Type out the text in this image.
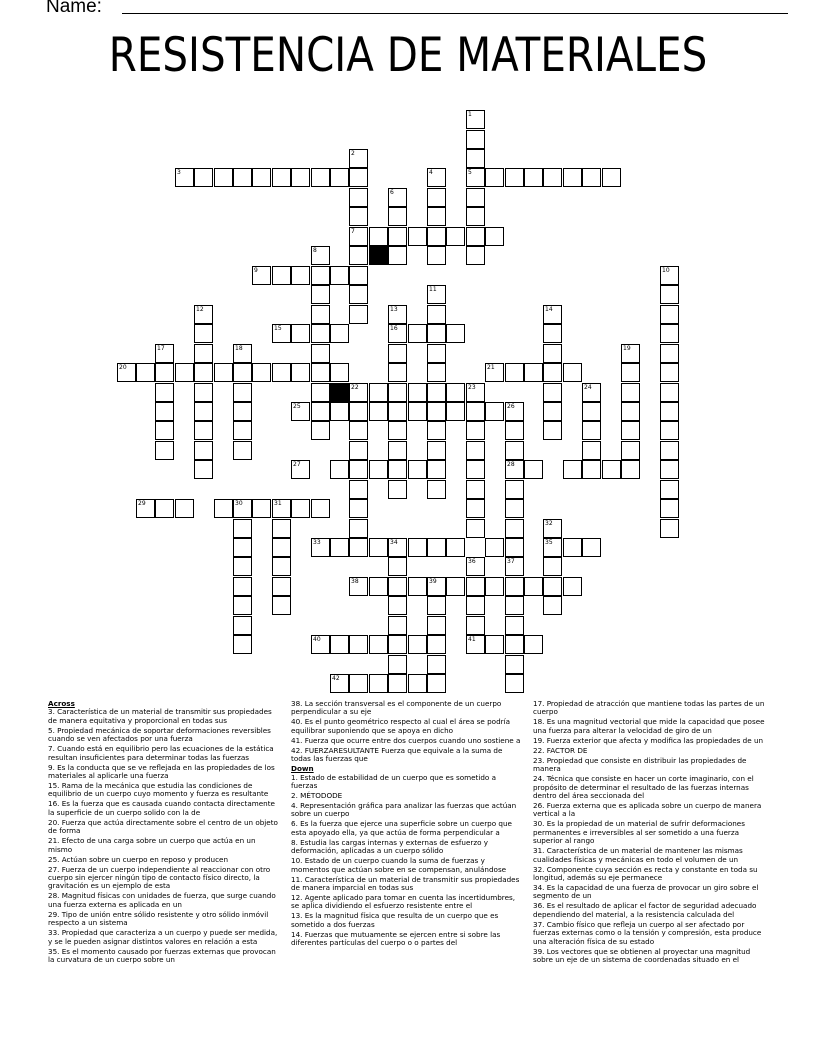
Name:
RESISTENCIA DE MATERIALES
1
2
7
3	4	5
6
8
9	10
11
12	13	14
15	16
17	18	19
20	21
22	23	24
25	26
27	28
29	30	31
32
33	34	35
36	37
38	39
40	41
42
Across
3. Característica de un material de transmitir sus propiedades de manera equitativa y proporcional en todas sus
5. Propiedad mecánica de soportar deformaciones reversibles cuando se ven afectados por una fuerza
7. Cuando está en equilibrio pero las ecuaciones de la estática resultan insuficientes para determinar todas las fuerzas
9. Es la conducta que se ve reflejada en las propiedades de los materiales al aplicarle una fuerza
15. Rama de la mecánica que estudia las condiciones de equilibrio de un cuerpo cuyo momento y fuerza es resultante
16. Es la fuerza que es causada cuando contacta directamente la superficie de un cuerpo solido con la de
20. Fuerza que actúa directamente sobre el centro de un objeto de forma
21. Efecto de una carga sobre un cuerpo que actúa en un mismo
25. Actúan sobre un cuerpo en reposo y producen
27. Fuerza de un cuerpo independiente al reaccionar con otro cuerpo sin ejercer ningún tipo de contacto físico directo, la gravitación es un ejemplo de esta
28. Magnitud físicas con unidades de fuerza, que surge cuando una fuerza externa es aplicada en un
29. Tipo de unión entre sólido resistente y otro sólido inmóvil respecto a un sistema
33. Propiedad que caracteriza a un cuerpo y puede ser medida, y se le pueden asignar distintos valores en relación a esta
35. Es el momento causado por fuerzas externas que provocan la curvatura de un cuerpo sobre un
38. La sección transversal es el componente de un cuerpo perpendicular a su eje
40. Es el punto geométrico respecto al cual el área se podría equilibrar suponiendo que se apoya en dicho
41. Fuerza que ocurre entre dos cuerpos cuando uno sostiene a
42. FUERZARESULTANTE Fuerza que equivale a la suma de todas las fuerzas que
Down
1. Estado de estabilidad de un cuerpo que es sometido a fuerzas
2. MÉTODODE
4. Representación gráfica para analizar las fuerzas que actúan sobre un cuerpo
6. Es la fuerza que ejerce una superficie sobre un cuerpo que esta apoyado ella, ya que actúa de forma perpendicular a
8. Estudia las cargas internas y externas de esfuerzo y deformación, aplicadas a un cuerpo sólido
10. Estado de un cuerpo cuando la suma de fuerzas y momentos que actúan sobre en se compensan, anulándose
11. Característica de un material de transmitir sus propiedades de manera imparcial en todas sus
12. Agente aplicado para tomar en cuenta las incertidumbres, se aplica dividiendo el esfuerzo resistente entre el
13. Es la magnitud física que resulta de un cuerpo que es sometido a dos fuerzas
14. Fuerzas que mutuamente se ejercen entre si sobre las diferentes partículas del cuerpo o o partes del
17. Propiedad de atracción que mantiene todas las partes de un cuerpo
18. Es una magnitud vectorial que mide la capacidad que posee una fuerza para alterar la velocidad de giro de un
19. Fuerza exterior que afecta y modifica las propiedades de un
22. FACTOR DE
23. Propiedad que consiste en distribuir las propiedades de manera
24. Técnica que consiste en hacer un corte imaginario, con el propósito de determinar el resultado de las fuerzas internas dentro del área seccionada del
26. Fuerza externa que es aplicada sobre un cuerpo de manera vertical a la
30. Es la propiedad de un material de sufrir deformaciones permanentes e irreversibles al ser sometido a una fuerza superior al rango
31. Característica de un material de mantener las mismas cualidades físicas y mecánicas en todo el volumen de un
32. Componente cuya sección es recta y constante en toda su longitud, además su eje permanece
34. Es la capacidad de una fuerza de provocar un giro sobre el segmento de un
36. Es el resultado de aplicar el factor de seguridad adecuado dependiendo del material, a la resistencia calculada del
37. Cambio físico que refleja un cuerpo al ser afectado por fuerzas externas como o la tensión y compresión, esta produce una alteración física de su estado
39. Los vectores que se obtienen al proyectar una magnitud sobre un eje de un sistema de coordenadas situado en el
